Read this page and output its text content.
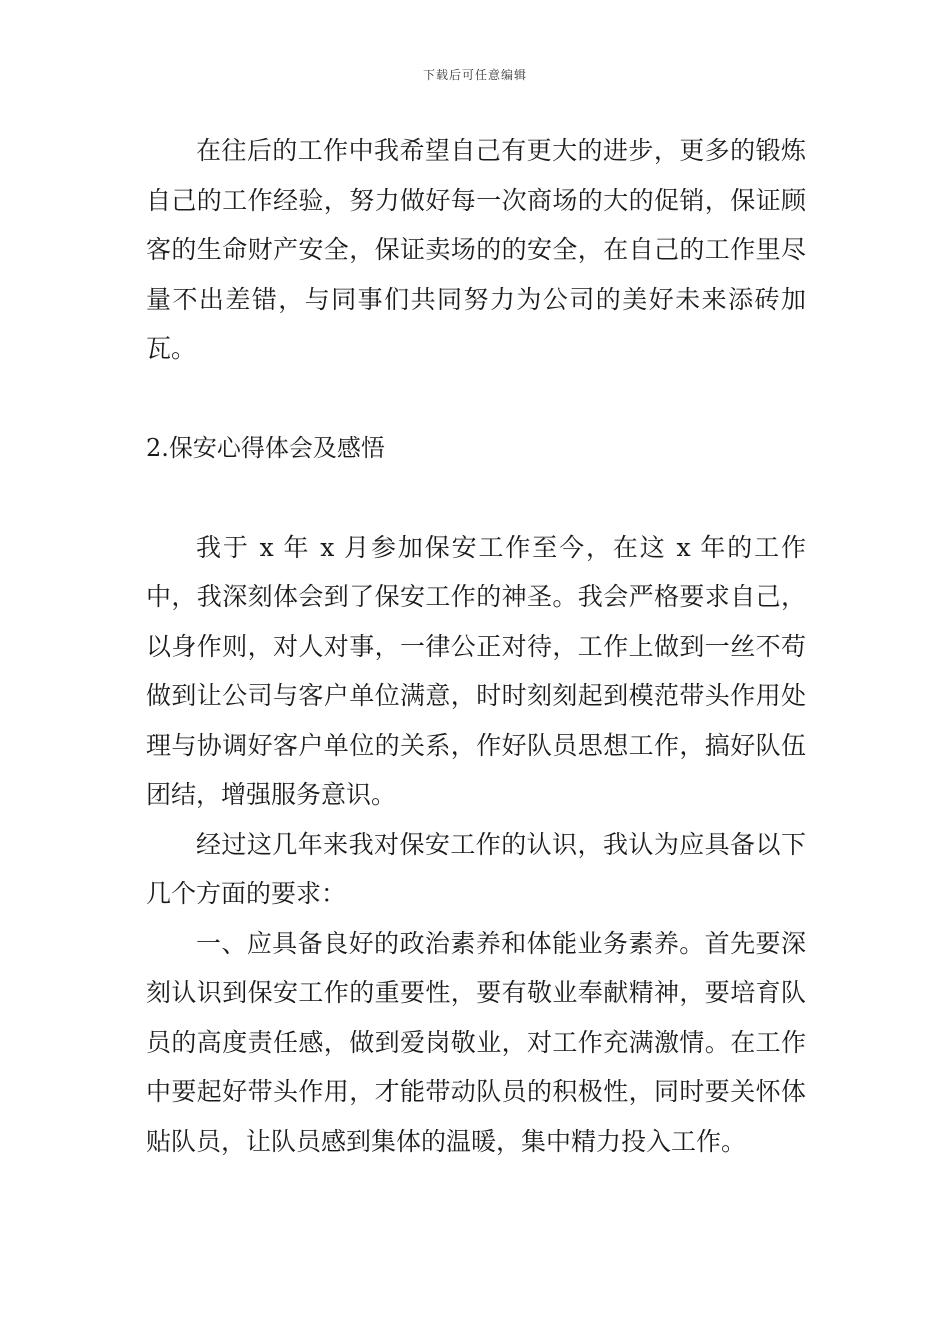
下载后可任意编辑

在往后的工作中我希望自己有更大的进步，更多的锻炼自己的工作经验，努力做好每一次商场的大的促销，保证顾客的生命财产安全，保证卖场的的安全，在自己的工作里尽量不出差错，与同事们共同努力为公司的美好未来添砖加瓦。

2.保安心得体会及感悟

我于 x 年 x 月参加保安工作至今，在这 x 年的工作中，我深刻体会到了保安工作的神圣。我会严格要求自己，以身作则，对人对事，一律公正对待，工作上做到一丝不苟做到让公司与客户单位满意，时时刻刻起到模范带头作用处理与协调好客户单位的关系，作好队员思想工作，搞好队伍团结，增强服务意识。

经过这几年来我对保安工作的认识，我认为应具备以下几个方面的要求：

一、应具备良好的政治素养和体能业务素养。首先要深刻认识到保安工作的重要性，要有敬业奉献精神，要培育队员的高度责任感，做到爱岗敬业，对工作充满激情。在工作中要起好带头作用，才能带动队员的积极性，同时要关怀体贴队员，让队员感到集体的温暖，集中精力投入工作。
